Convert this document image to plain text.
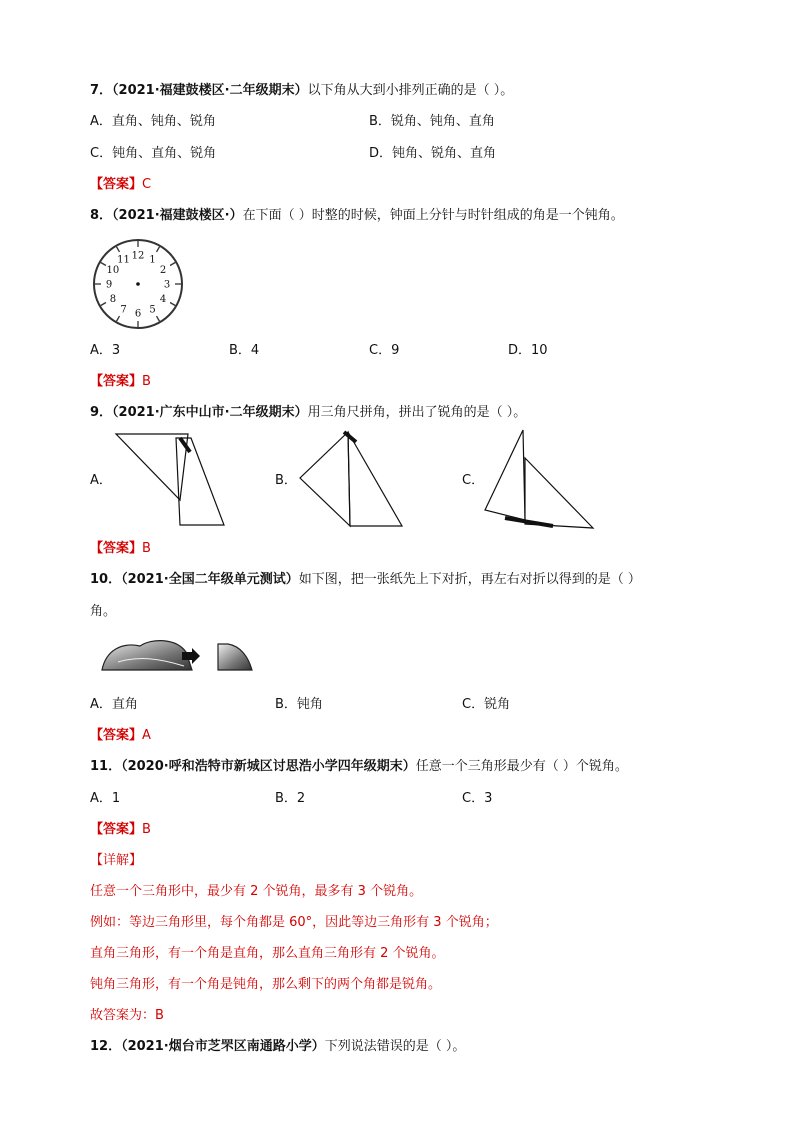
7．（2021·福建鼓楼区·二年级期末）以下角从大到小排列正确的是（ ）。
A．直角、钝角、锐角	B．锐角、钝角、直角
C．钝角、直角、锐角	D．钝角、锐角、直角
【答案】C
8．（2021·福建鼓楼区·）在下面（ ）时整的时候，钟面上分针与时针组成的角是一个钝角。
12 1
2
3
4
5
6
7
8
9
10
11
A．3	B．4	C．9	D．10
【答案】B
9．（2021·广东中山市·二年级期末）用三角尺拼角，拼出了锐角的是（ ）。
A．	B．	C．
【答案】B
10．（2021·全国二年级单元测试）如下图，把一张纸先上下对折，再左右对折以得到的是（ ）
角。
A．直角	B．钝角	C．锐角
【答案】A
11．（2020·呼和浩特市新城区讨思浩小学四年级期末）任意一个三角形最少有（ ）个锐角。
A．1	B．2	C．3
【答案】B
【详解】
任意一个三角形中，最少有 2 个锐角，最多有 3 个锐角。
例如：等边三角形里，每个角都是 60°，因此等边三角形有 3 个锐角；
直角三角形，有一个角是直角，那么直角三角形有 2 个锐角。
钝角三角形，有一个角是钝角，那么剩下的两个角都是锐角。
故答案为：B
12．（2021·烟台市芝罘区南通路小学）下列说法错误的是（ ）。
